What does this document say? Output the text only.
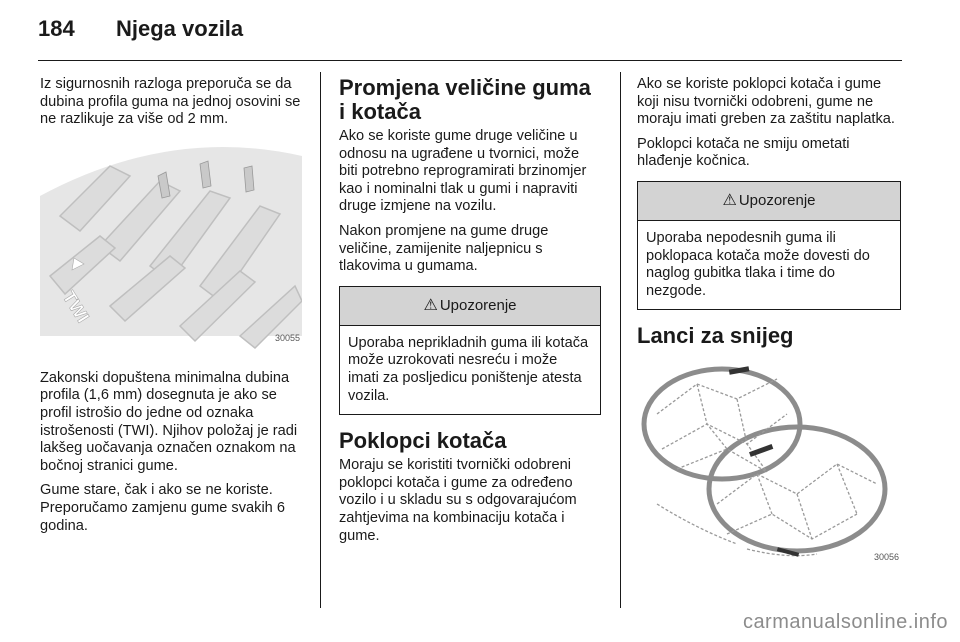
184 Njega vozila

Iz sigurnosnih razloga preporuča se da dubina profila guma na jednoj osovini se ne razlikuje za više od 2 mm.

TWI
30055

Zakonski dopuštena minimalna dubina profila (1,6 mm) dosegnuta je ako se profil istrošio do jedne od oznaka istrošenosti (TWI). Njihov položaj je radi lakšeg uočavanja označen oznakom na bočnoj stranici gume.

Gume stare, čak i ako se ne koriste. Preporučamo zamjenu gume svakih 6 godina.

Promjena veličine guma i kotača

Ako se koriste gume druge veličine u odnosu na ugrađene u tvornici, može biti potrebno reprogramirati brzinomjer kao i nominalni tlak u gumi i napraviti druge izmjene na vozilu.

Nakon promjene na gume druge veličine, zamijenite naljepnicu s tlakovima u gumama.

⚠ Upozorenje
Uporaba neprikladnih guma ili kotača može uzrokovati nesreću i može imati za posljedicu poništenje atesta vozila.
Poklopci kotača

Moraju se koristiti tvornički odobreni poklopci kotača i gume za određeno vozilo i u skladu su s odgovarajućom zahtjevima na kombinaciju kotača i gume.

Ako se koriste poklopci kotača i gume koji nisu tvornički odobreni, gume ne moraju imati greben za zaštitu naplatka.

Poklopci kotača ne smiju ometati hlađenje kočnica.

⚠ Upozorenje
Uporaba nepodesnih guma ili poklopaca kotača može dovesti do naglog gubitka tlaka i time do nezgode.
Lanci za snijeg
30056
carmanualsonline.info
